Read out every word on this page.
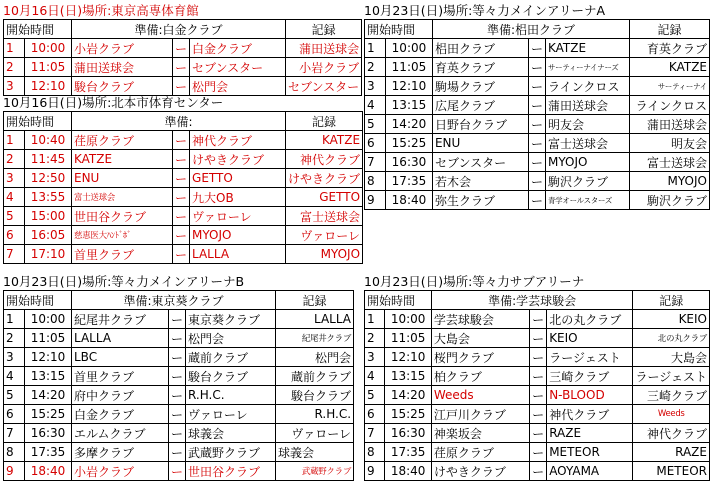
10月16日(日)場所:東京高専体育館
開始時間		準備:白金クラブ			記録
1	10:00	小岩クラブ	ー	白金クラブ	蒲田送球会
2	11:05	蒲田送球会	ー	セブンスター	小岩クラブ
3	12:10	駿台クラブ	ー	松門会	セブンスター
10月16日(日)場所:北本市体育センター
開始時間		準備:			記録
1	10:40	荏原クラブ	ー	神代クラブ	KATZE
2	11:45	KATZE	ー	けやきクラブ	神代クラブ
3	12:50	ENU	ー	GETTO	けやきクラブ
4	13:55	富士送球会	ー	九大OB	GETTO
5	15:00	世田谷クラブ	ー	ヴァローレ	富士送球会
6	16:05	慈恵医大ﾊﾝﾄﾞﾎﾞ	ー	MYOJO	ヴァローレ
7	17:10	首里クラブ	ー	LALLA	MYOJO
10月23日(日)場所:等々力メインアリーナA
開始時間		準備:梠田クラブ			記録
1	10:00	梠田クラブ	ー	KATZE	育英クラブ
2	11:05	育英クラブ	ー	サーティーナイナーズ	KATZE
3	12:10	駒場クラブ	ー	ラインクロス	サーティーナイ
4	13:15	広尾クラブ	ー	蒲田送球会	ラインクロス
5	14:20	日野台クラブ	ー	明友会	蒲田送球会
6	15:25	ENU	ー	富士送球会	明友会
7	16:30	セブンスター	ー	MYOJO	富士送球会
8	17:35	若木会	ー	駒沢クラブ	MYOJO
9	18:40	弥生クラブ	ー	青学オールスターズ	駒沢クラブ
10月23日(日)場所:等々力メインアリーナB
開始時間		準備:東京葵クラブ			記録
1	10:00	紀尾井クラブ	ー	東京葵クラブ	LALLA
2	11:05	LALLA	ー	松門会	紀尾井クラブ
3	12:10	LBC	ー	蔵前クラブ	松門会
4	13:15	首里クラブ	ー	駿台クラブ	蔵前クラブ
5	14:20	府中クラブ	ー	R.H.C.	駿台クラブ
6	15:25	白金クラブ	ー	ヴァローレ	R.H.C.
7	16:30	エルムクラブ	ー	球義会	ヴァローレ
8	17:35	多摩クラブ	ー	武蔵野クラブ	球義会
9	18:40	小岩クラブ	ー	世田谷クラブ	武蔵野クラブ
10月23日(日)場所:等々力サブアリーナ
開始時間		準備:学芸球駿会			記録
1	10:00	学芸球駿会	ー	北の丸クラブ	KEIO
2	11:05	大島会	ー	KEIO	北の丸クラブ
3	12:10	桜門クラブ	ー	ラージェスト	大島会
4	13:15	柏クラブ	ー	三崎クラブ	ラージェスト
5	14:20	Weeds	ー	N-BLOOD	三崎クラブ
6	15:25	江戸川クラブ	ー	神代クラブ	Weeds
7	16:30	神楽坂会	ー	RAZE	神代クラブ
8	17:35	荏原クラブ	ー	METEOR	RAZE
9	18:40	けやきクラブ	ー	AOYAMA	METEOR
